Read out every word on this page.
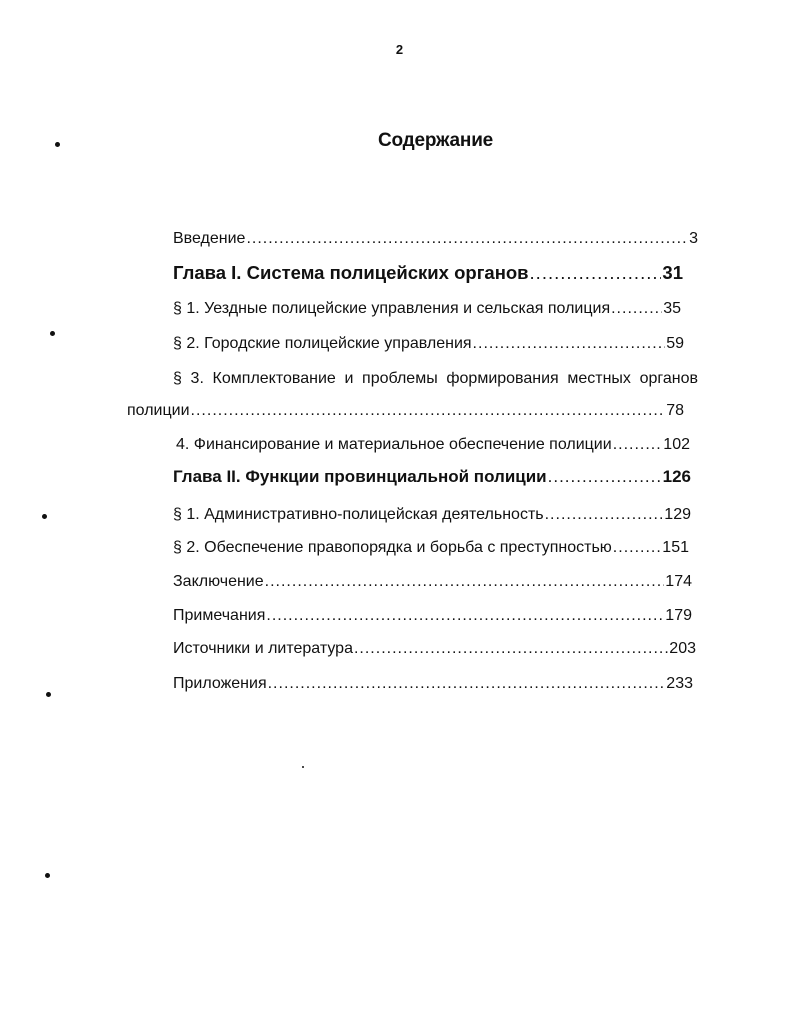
2
Содержание
Введение .....	3
Глава I. Система полицейских органов .....	31
§ 1. Уездные полицейские управления и сельская полиция .....	35
§ 2. Городские полицейские управления .....	59
§ 3. Комплектование и проблемы формирования местных органов
полиции .....	78
4. Финансирование и материальное обеспечение полиции .....	102
Глава II. Функции провинциальной полиции .....	126
§ 1. Административно-полицейская деятельность .....	129
§ 2. Обеспечение правопорядка и борьба с преступностью .....	151
Заключение .....	174
Примечания .....	179
Источники и литература .....	203
Приложения .....	233
